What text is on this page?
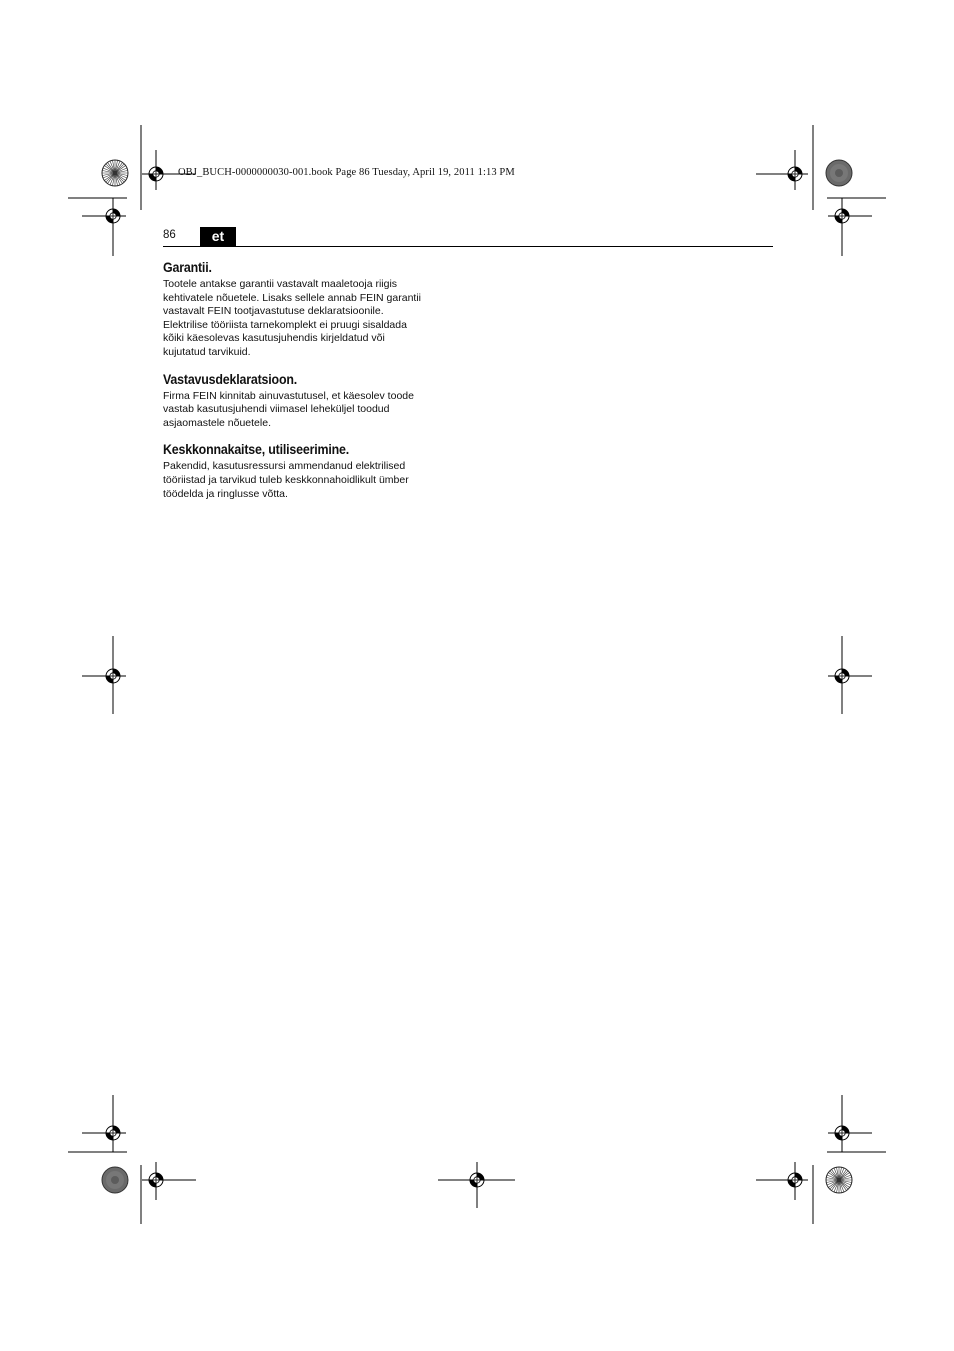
OBJ_BUCH-0000000030-001.book Page 86 Tuesday, April 19, 2011 1:13 PM
86	et
Garantii.

Tootele antakse garantii vastavalt maaletooja riigis
kehtivatele nõuetele. Lisaks sellele annab FEIN garantii
vastavalt FEIN tootjavastutuse deklaratsioonile.

Elektrilise tööriista tarnekomplekt ei pruugi sisaldada
kõiki käesolevas kasutusjuhendis kirjeldatud või
kujutatud tarvikuid.

Vastavusdeklaratsioon.

Firma FEIN kinnitab ainuvastutusel, et käesolev toode
vastab kasutusjuhendi viimasel leheküljel toodud
asjaomastele nõuetele.

Keskkonnakaitse, utiliseerimine.

Pakendid, kasutusressursi ammendanud elektrilised
tööriistad ja tarvikud tuleb keskkonnahoidlikult ümber
töödelda ja ringlusse võtta.
